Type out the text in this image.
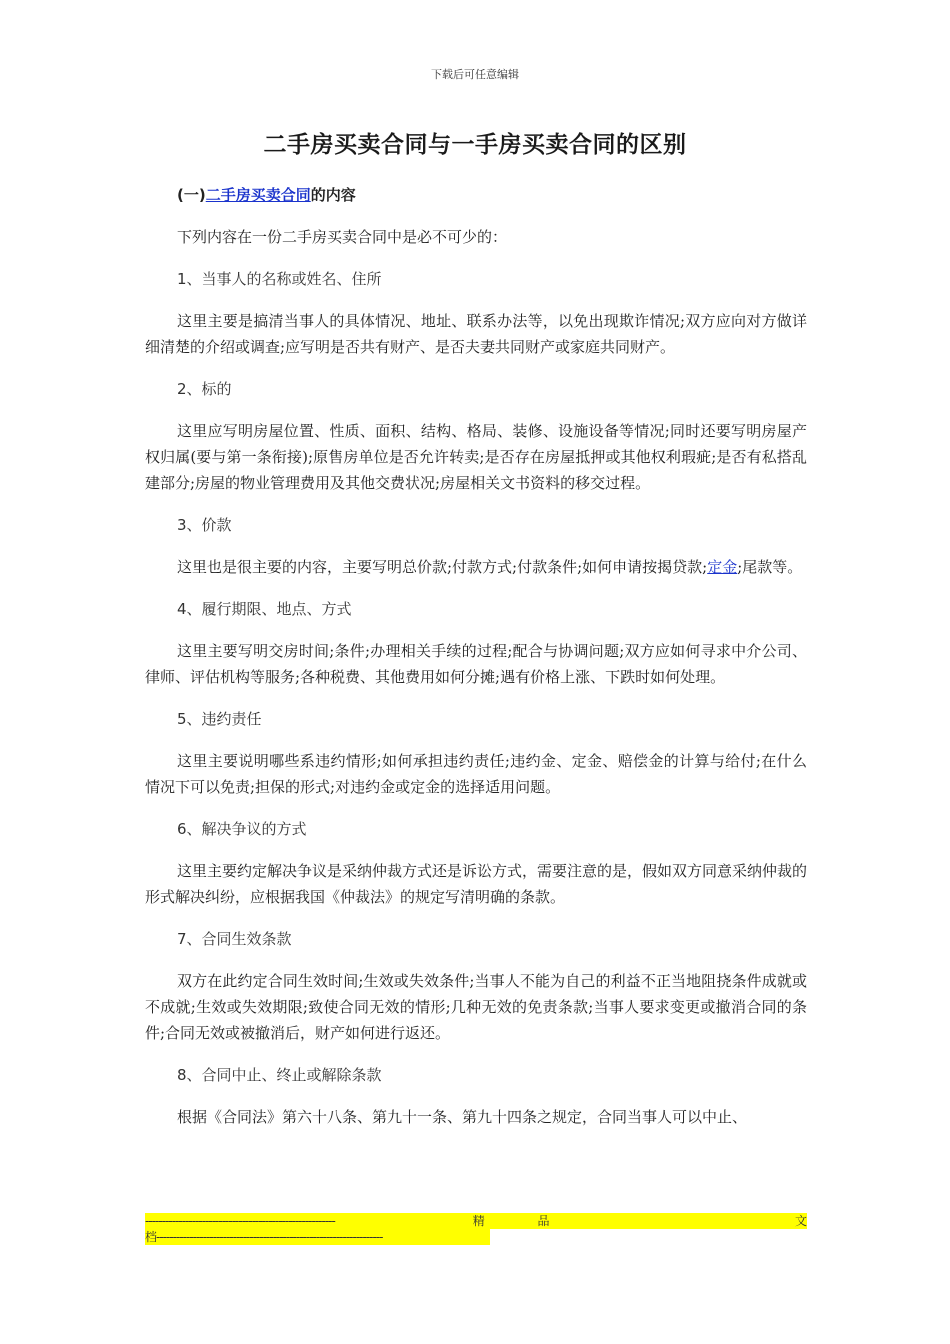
下载后可任意编辑
二手房买卖合同与一手房买卖合同的区别
(一)二手房买卖合同的内容

下列内容在一份二手房买卖合同中是必不可少的：

1、当事人的名称或姓名、住所

这里主要是搞清当事人的具体情况、地址、联系办法等，以免出现欺诈情况;双方应向对方做详细清楚的介绍或调查;应写明是否共有财产、是否夫妻共同财产或家庭共同财产。

2、标的

这里应写明房屋位置、性质、面积、结构、格局、装修、设施设备等情况;同时还要写明房屋产权归属(要与第一条衔接);原售房单位是否允许转卖;是否存在房屋抵押或其他权利瑕疵;是否有私搭乱建部分;房屋的物业管理费用及其他交费状况;房屋相关文书资料的移交过程。

3、价款

这里也是很主要的内容，主要写明总价款;付款方式;付款条件;如何申请按揭贷款;定金;尾款等。

4、履行期限、地点、方式

这里主要写明交房时间;条件;办理相关手续的过程;配合与协调问题;双方应如何寻求中介公司、律师、评估机构等服务;各种税费、其他费用如何分摊;遇有价格上涨、下跌时如何处理。

5、违约责任

这里主要说明哪些系违约情形;如何承担违约责任;违约金、定金、赔偿金的计算与给付;在什么情况下可以免责;担保的形式;对违约金或定金的选择适用问题。

6、解决争议的方式

这里主要约定解决争议是采纳仲裁方式还是诉讼方式，需要注意的是，假如双方同意采纳仲裁的形式解决纠纷，应根据我国《仲裁法》的规定写清明确的条款。

7、合同生效条款

双方在此约定合同生效时间;生效或失效条件;当事人不能为自己的利益不正当地阻挠条件成就或不成就;生效或失效期限;致使合同无效的情形;几种无效的免责条款;当事人要求变更或撤消合同的条件;合同无效或被撤消后，财产如何进行返还。

8、合同中止、终止或解除条款

根据《合同法》第六十八条、第九十一条、第九十四条之规定，合同当事人可以中止、

---------------------------------------------------------	精	品	文
档--------------------------------------------------------------------
